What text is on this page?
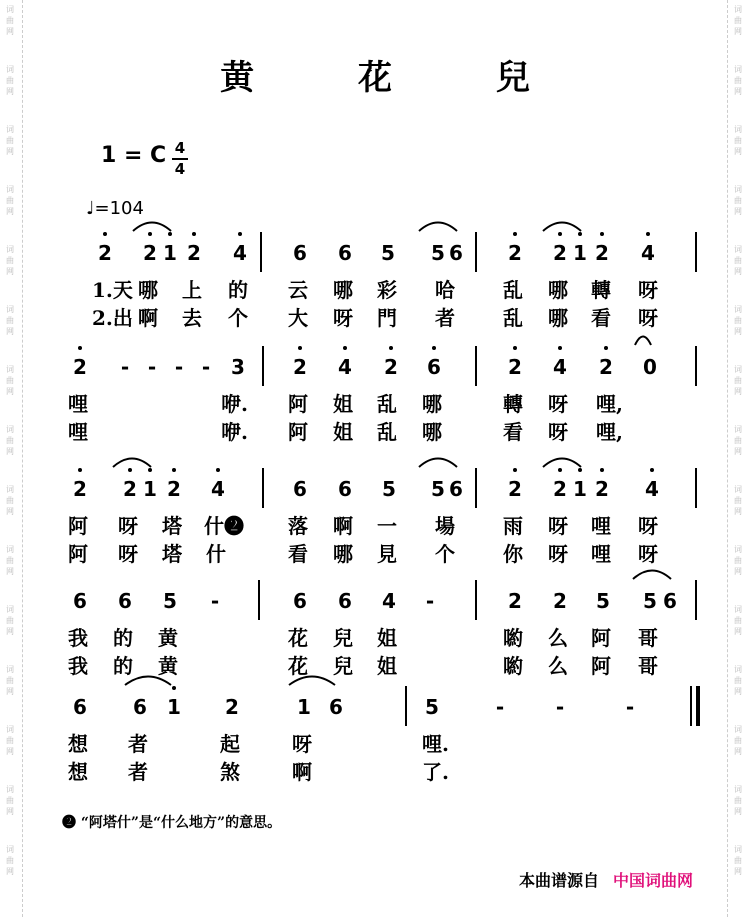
词
曲
网
词
曲
网
词
曲
网
词
曲
网
词
曲
网
词
曲
网
词
曲
网
词
曲
网
词
曲
网
词
曲
网
词
曲
网
词
曲
网
词
曲
网
词
曲
网
词
曲
网
词
曲
网
词
曲
网
词
曲
网
词
曲
网
词
曲
网
词
曲
网
词
曲
网
词
曲
网
词
曲
网
词
曲
网
词
曲
网
词
曲
网
词
曲
网
词
曲
网
词
曲
网
黄 花 兒
1 = C 4
4
♩=104
2 2 1 2 4 6 6 5 5 6 2 2 1 2 4
1.天 哪 上 的 云 哪 彩 哈 乱 哪 轉 呀
2.出 啊 去 个 大 呀 門 者 乱 哪 看 呀
2 - - - - 3 2 4 2 6	2 4 2 0
哩	咿. 阿 姐 乱 哪	轉 呀 哩,
哩	咿. 阿 姐 乱 哪	看 呀 哩,
2 2 1 2 4	6 6 5 5 6 2 2 1 2 4
阿 呀 塔 什❷ 落 啊 一 場 雨 呀 哩 呀
阿 呀 塔 什	看 哪 見 个 你 呀 哩 呀
6 6 5 -	6 6 4 -	2 2 5 5 6
我 的 黄	花 兒 姐	喲 么 阿 哥
我 的 黄	花 兒 姐	喲 么 阿 哥
6 6 1 2	1 6	5	-	-	-
想 者	起	呀	哩.
想 者	煞	啊	了.
❷ “阿塔什”是“什么地方”的意思。
本曲谱源自 中国词曲网
